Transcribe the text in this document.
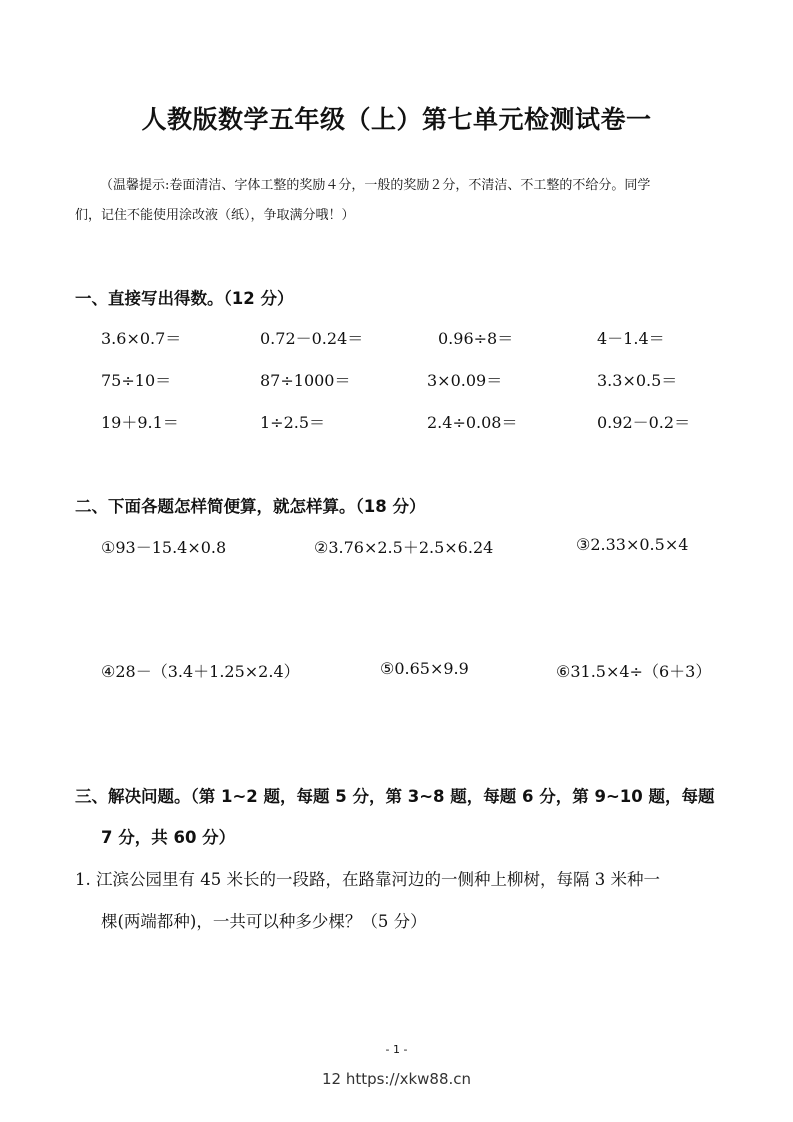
人教版数学五年级（上）第七单元检测试卷一
（温馨提示:卷面清洁、字体工整的奖励４分，一般的奖励２分，不清洁、不工整的不给分。同学
们，记住不能使用涂改液（纸），争取满分哦！）
一、直接写出得数。（12 分）
3.6×0.7＝	0.72－0.24＝	0.96÷8＝	4－1.4＝
75÷10＝	87÷1000＝	3×0.09＝	3.3×0.5＝
19＋9.1＝	1÷2.5＝	2.4÷0.08＝	0.92－0.2＝
二、下面各题怎样简便算，就怎样算。（18 分）
①93－15.4×0.8	②3.76×2.5＋2.5×6.24	③2.33×0.5×4
④28－（3.4＋1.25×2.4）	⑤0.65×9.9	⑥31.5×4÷（6＋3）
三、解决问题。（第 1~2 题，每题 5 分，第 3~8 题，每题 6 分，第 9~10 题，每题
7 分，共 60 分）
1. 江滨公园里有 45 米长的一段路，在路靠河边的一侧种上柳树，每隔 3 米种一
棵(两端都种)，一共可以种多少棵？（5 分）
- 1 -
12 https://xkw88.cn
